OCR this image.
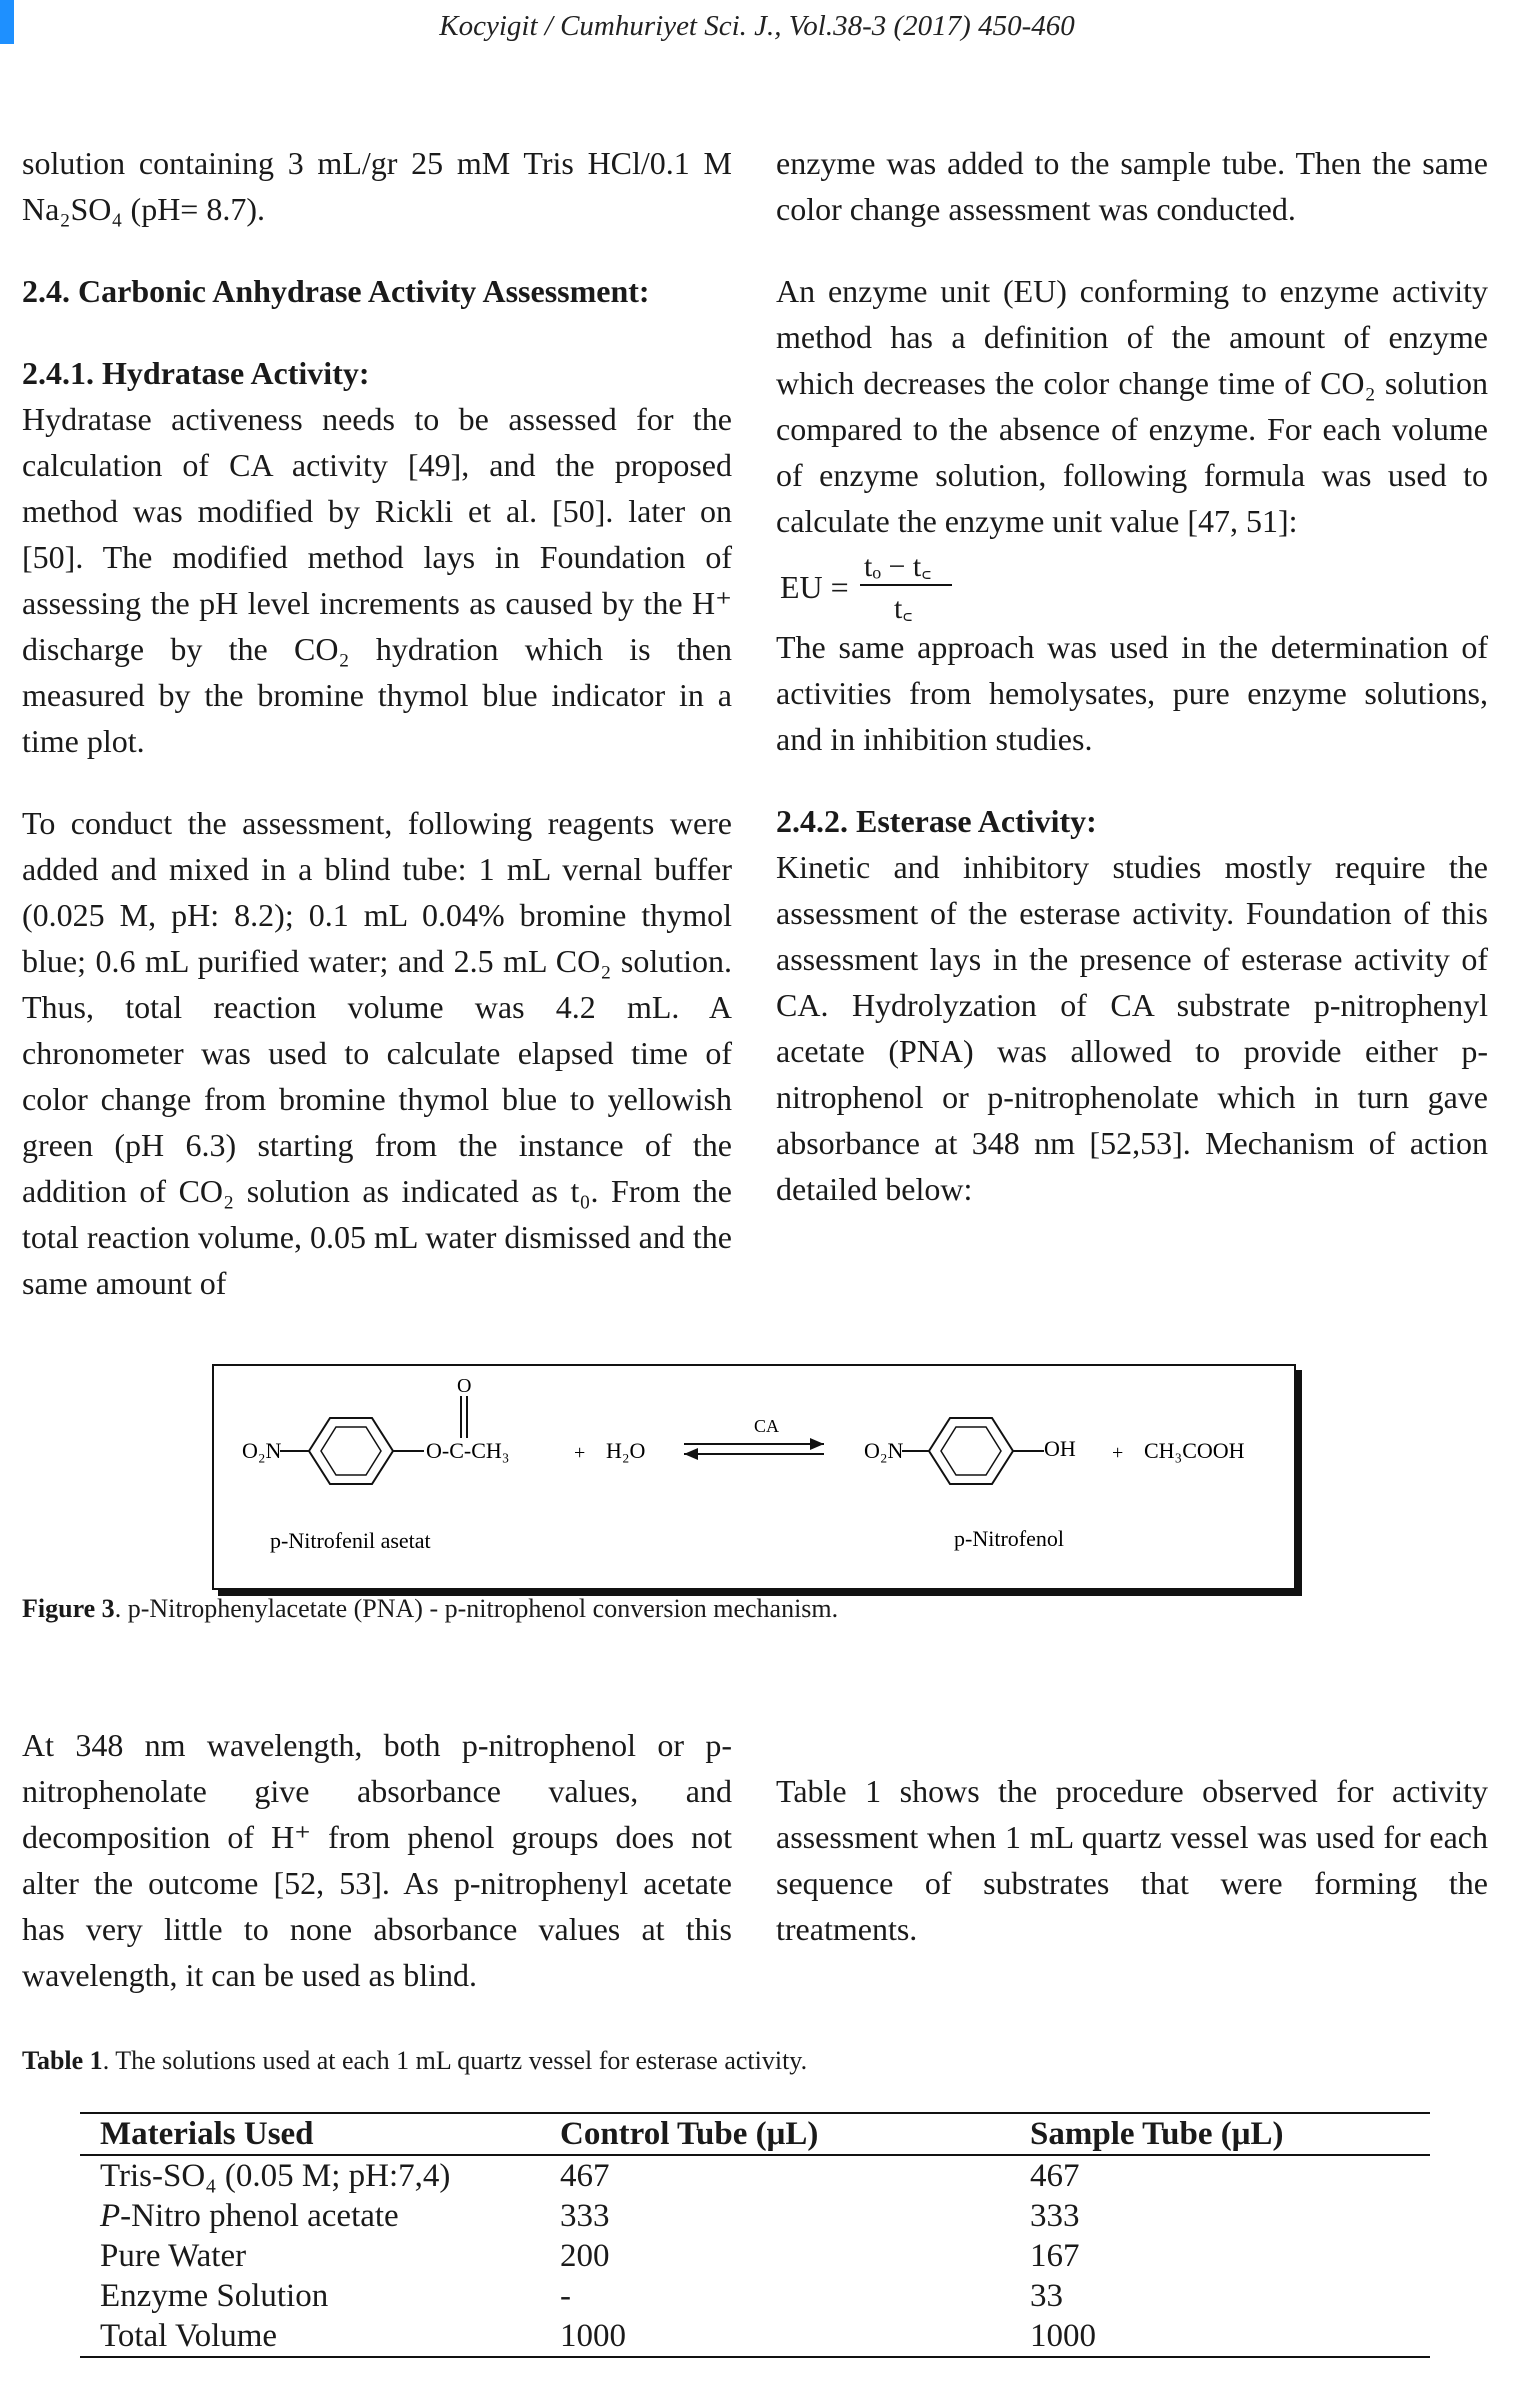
Kocyigit / Cumhuriyet Sci. J., Vol.38-3 (2017) 450-460

solution containing 3 mL/gr 25 mM Tris HCl/0.1 M Na₂SO₄ (pH= 8.7).

2.4. Carbonic Anhydrase Activity Assessment:
2.4.1. Hydratase Activity:

Hydratase activeness needs to be assessed for the calculation of CA activity [49], and the proposed method was modified by Rickli et al. [50]. later on [50]. The modified method lays in Foundation of assessing the pH level increments as caused by the H⁺ discharge by the CO₂ hydration which is then measured by the bromine thymol blue indicator in a time plot.

To conduct the assessment, following reagents were added and mixed in a blind tube: 1 mL vernal buffer (0.025 M, pH: 8.2); 0.1 mL 0.04% bromine thymol blue; 0.6 mL purified water; and 2.5 mL CO₂ solution. Thus, total reaction volume was 4.2 mL. A chronometer was used to calculate elapsed time of color change from bromine thymol blue to yellowish green (pH 6.3) starting from the instance of the addition of CO₂ solution as indicated as t₀. From the total reaction volume, 0.05 mL water dismissed and the same amount of

enzyme was added to the sample tube. Then the same color change assessment was conducted.

An enzyme unit (EU) conforming to enzyme activity method has a definition of the amount of enzyme which decreases the color change time of CO₂ solution compared to the absence of enzyme. For each volume of enzyme solution, following formula was used to calculate the enzyme unit value [47, 51]:

EU =
tₒ − t꜀
t꜀

The same approach was used in the determination of activities from hemolysates, pure enzyme solutions, and in inhibition studies.

2.4.2. Esterase Activity:

Kinetic and inhibitory studies mostly require the assessment of the esterase activity. Foundation of this assessment lays in the presence of esterase activity of CA. Hydrolyzation of CA substrate p-nitrophenyl acetate (PNA) was allowed to provide either p-nitrophenol or p-nitrophenolate which in turn gave absorbance at 348 nm [52,53]. Mechanism of action detailed below:

O₂N	O-C-CH₃
O
+ H₂O
CA
O₂N	OH + CH₃COOH
p-Nitrofenil asetat	p-Nitrofenol
Figure 3. p-Nitrophenylacetate (PNA) - p-nitrophenol conversion mechanism.

At 348 nm wavelength, both p-nitrophenol or p-nitrophenolate give absorbance values, and decomposition of H⁺ from phenol groups does not alter the outcome [52, 53]. As p-nitrophenyl acetate has very little to none absorbance values at this wavelength, it can be used as blind.

Table 1 shows the procedure observed for activity assessment when 1 mL quartz vessel was used for each sequence of substrates that were forming the treatments.

Table 1. The solutions used at each 1 mL quartz vessel for esterase activity.
Materials Used	Control Tube (μL)	Sample Tube (μL)
Tris-SO₄ (0.05 M; pH:7,4)	467	467
P-Nitro phenol acetate	333	333
Pure Water	200	167
Enzyme Solution	-	33
Total Volume	1000	1000
